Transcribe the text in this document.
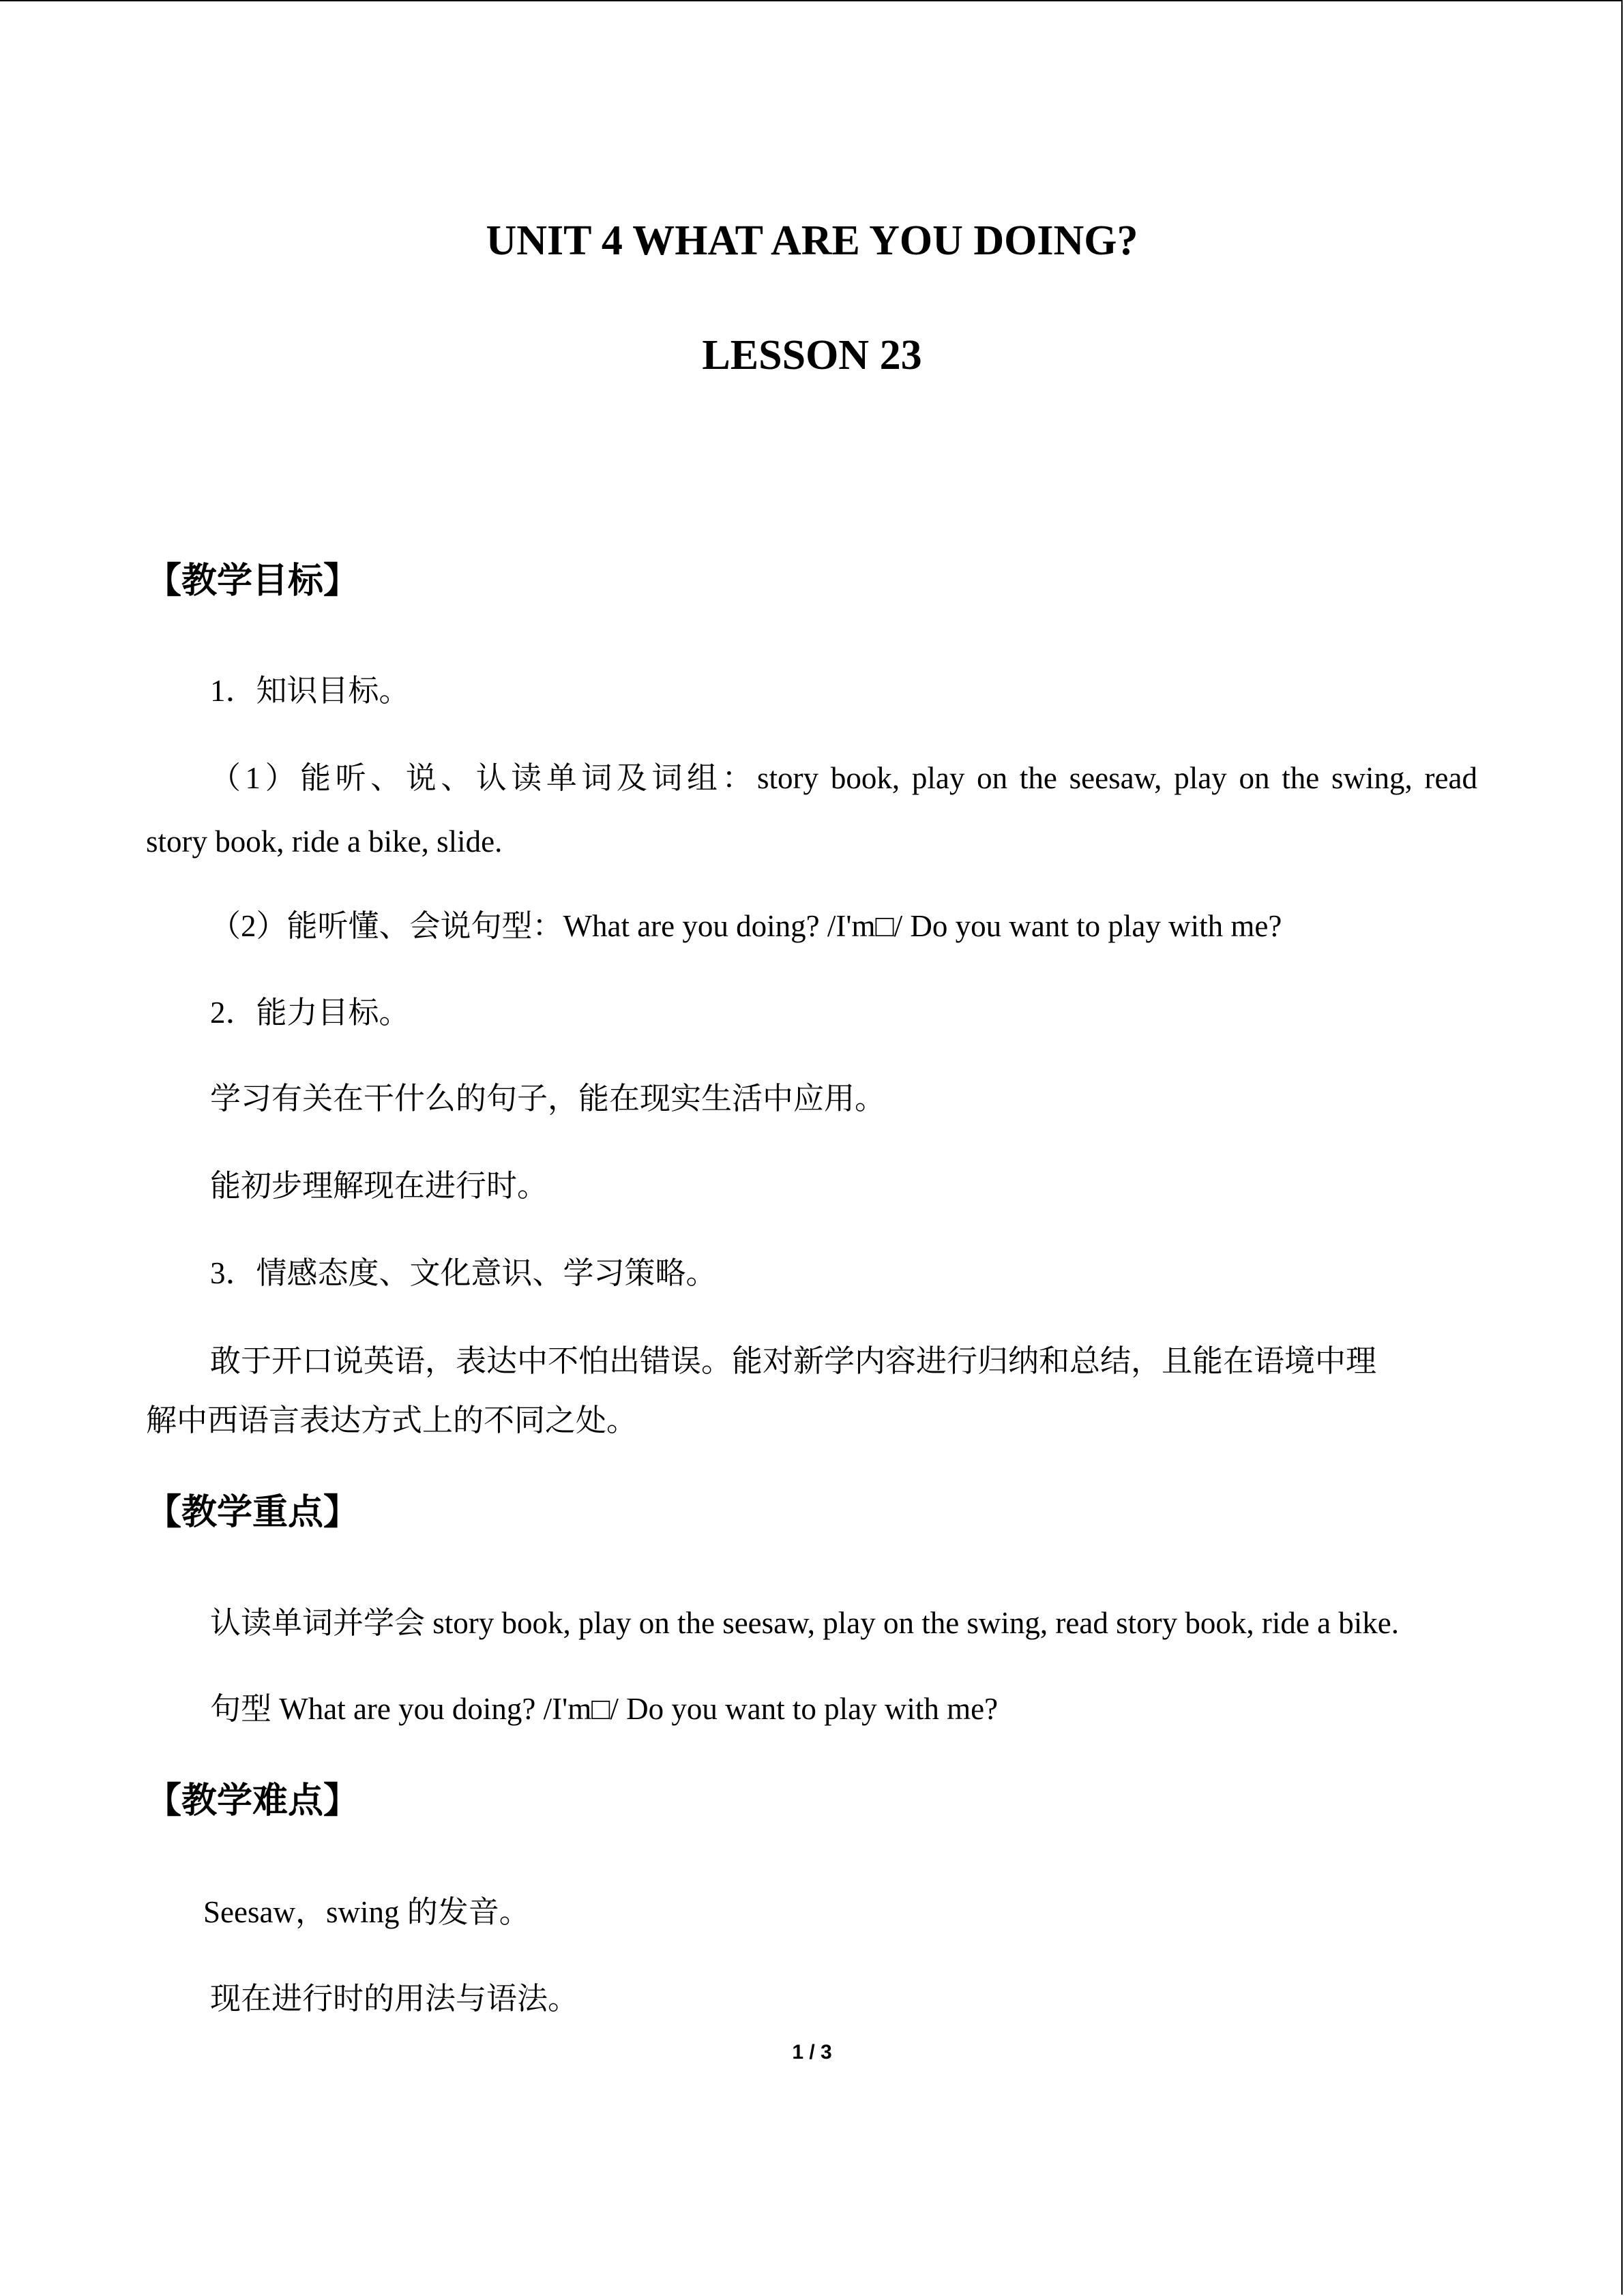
UNIT 4 WHAT ARE YOU DOING?
LESSON 23
【教学目标】

1．知识目标。

（1）能听、说、认读单词及词组：story book, play on the seesaw, play on the swing, read

story book, ride a bike, slide.

（2）能听懂、会说句型：What are you doing? /I'm□/ Do you want to play with me?

2．能力目标。

学习有关在干什么的句子，能在现实生活中应用。

能初步理解现在进行时。

3．情感态度、文化意识、学习策略。

敢于开口说英语，表达中不怕出错误。能对新学内容进行归纳和总结，且能在语境中理

解中西语言表达方式上的不同之处。

【教学重点】

认读单词并学会 story book, play on the seesaw, play on the swing, read story book, ride a bike.

句型 What are you doing? /I'm□/ Do you want to play with me?

【教学难点】

Seesaw，swing 的发音。

现在进行时的用法与语法。

1 / 3
